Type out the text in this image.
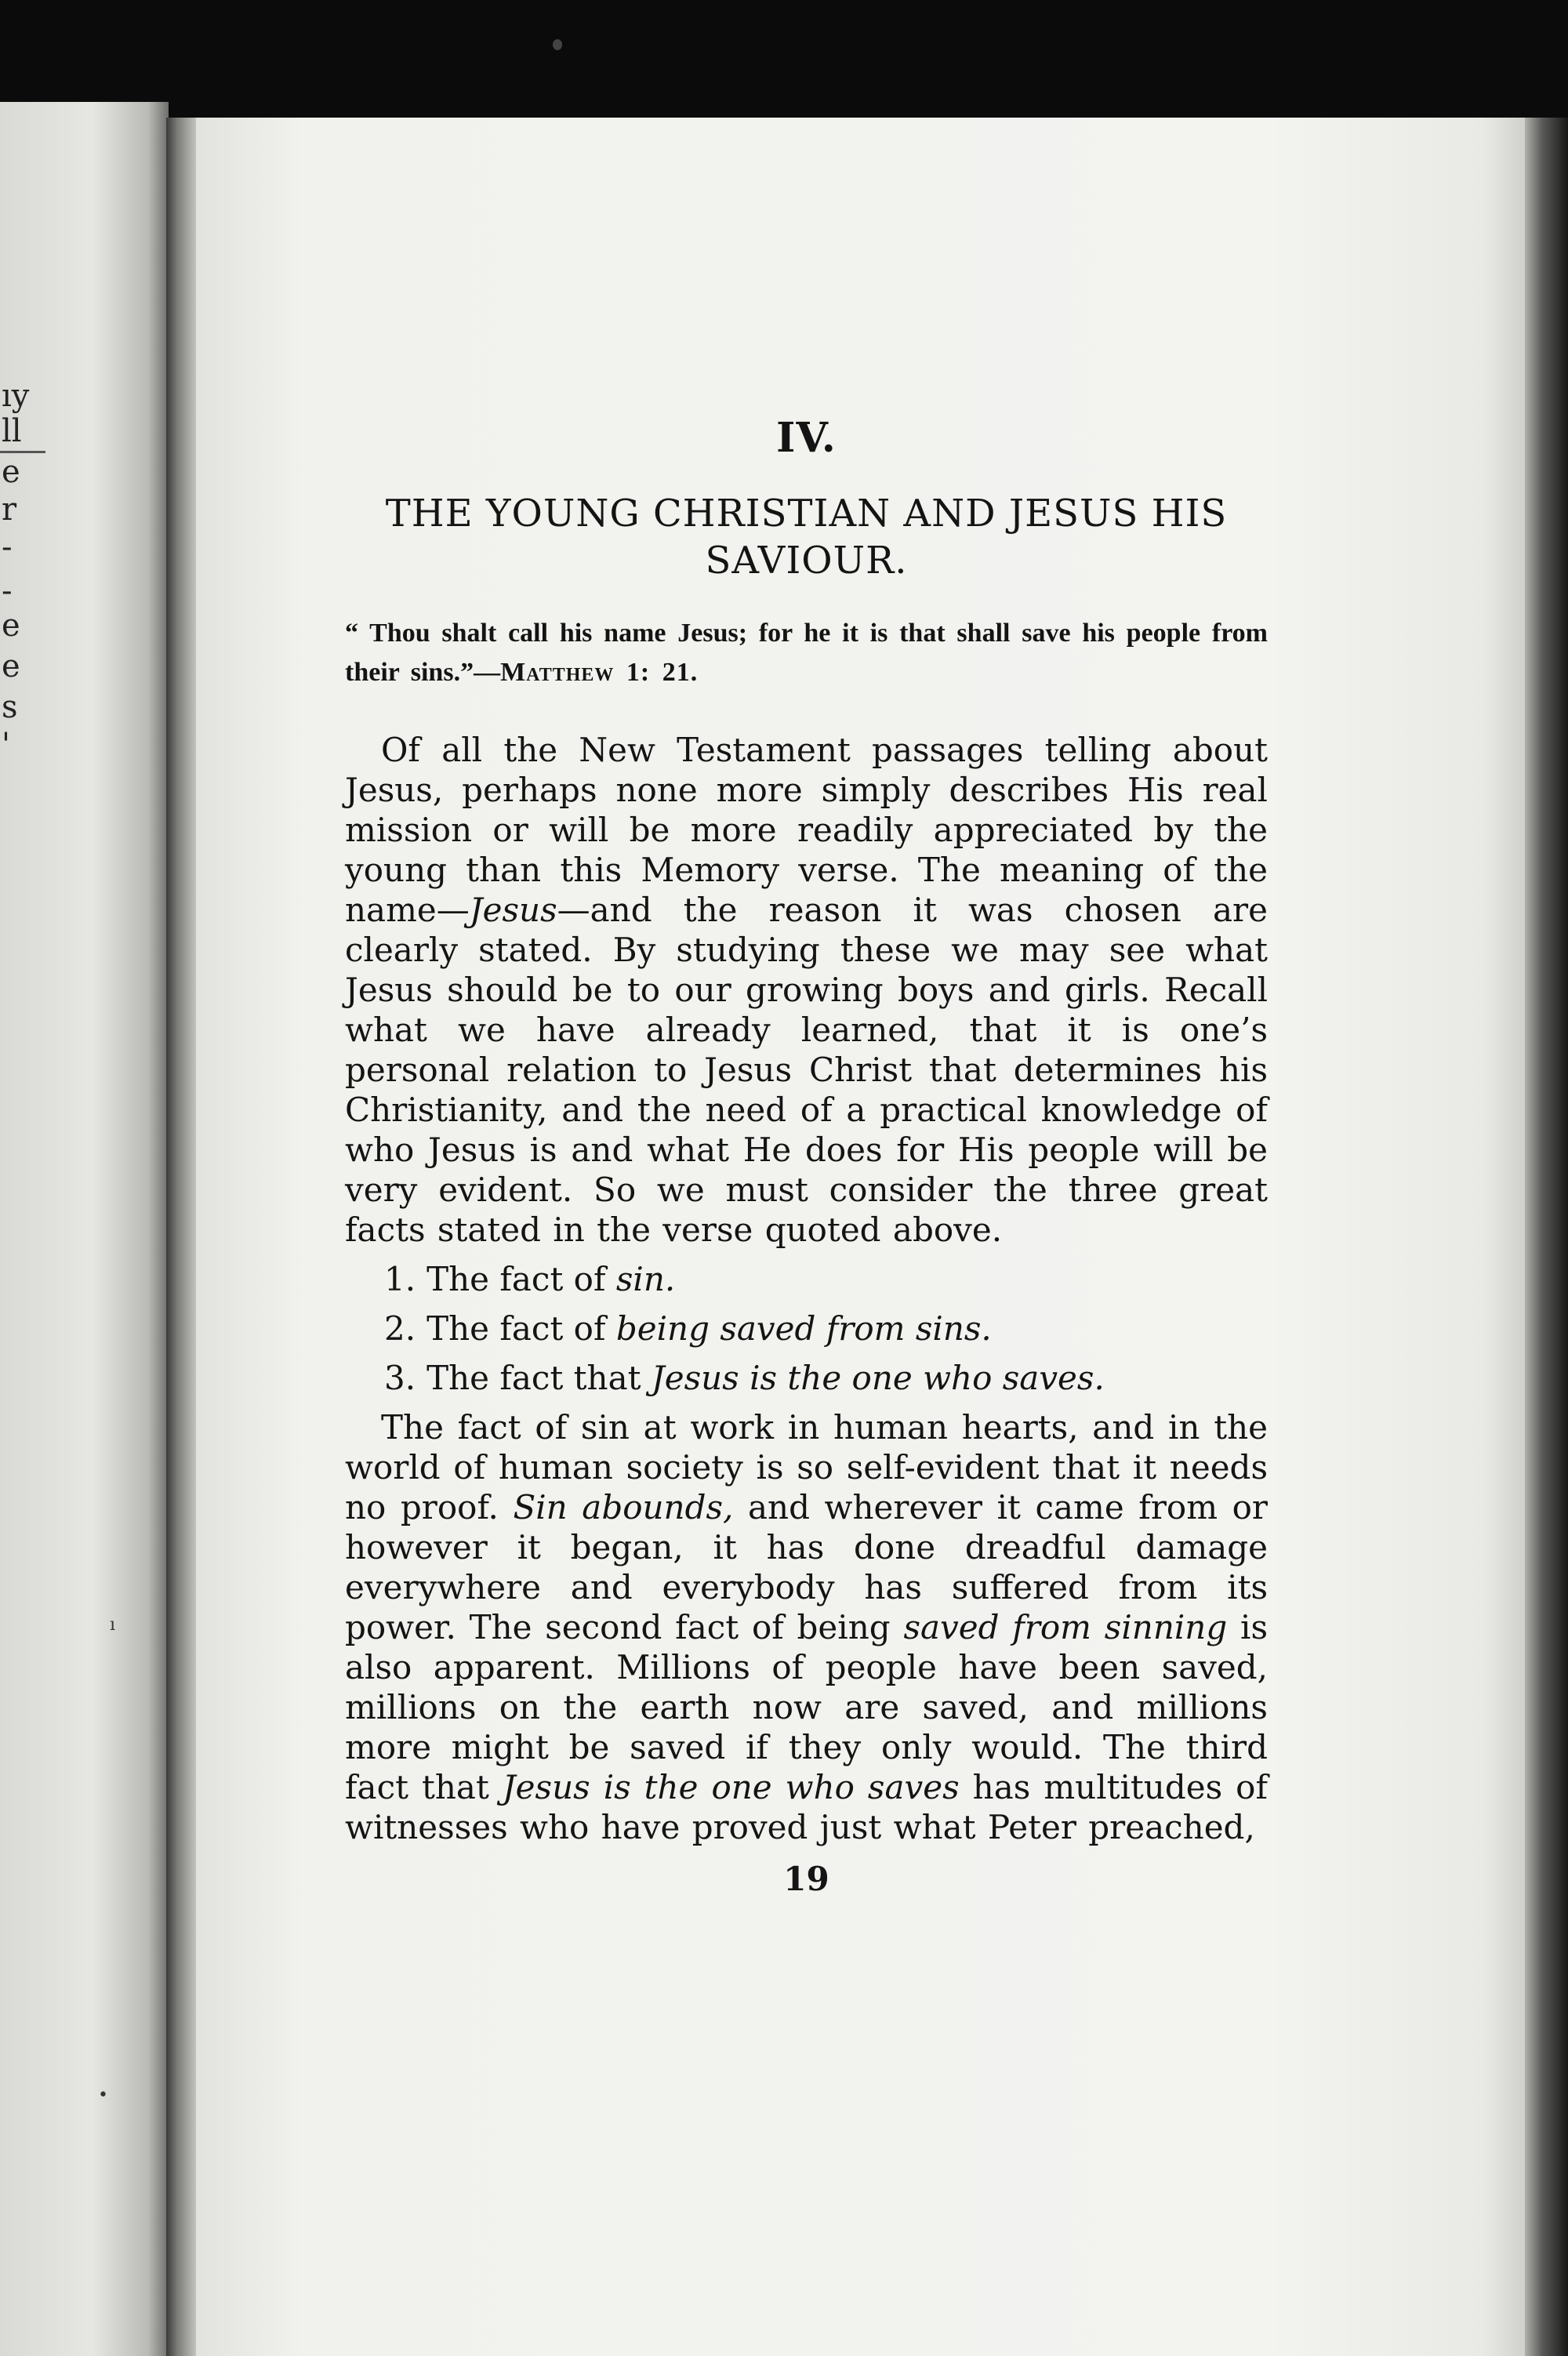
ıy
ll
e
r
-
-
e
e
s
'
ı
•
IV.
THE YOUNG CHRISTIAN AND JESUS HIS
SAVIOUR.

“ Thou shalt call his name Jesus; for he it is that shall save his people from their sins.”—Matthew 1: 21.

Of all the New Testament passages telling about Jesus, perhaps none more simply describes His real mission or will be more readily appreciated by the young than this Memory verse. The meaning of the name—Jesus—and the reason it was chosen are clearly stated. By studying these we may see what Jesus should be to our growing boys and girls. Recall what we have already learned, that it is one’s personal relation to Jesus Christ that determines his Christianity, and the need of a practical knowledge of who Jesus is and what He does for His people will be very evident. So we must consider the three great facts stated in the verse quoted above.

1. The fact of sin.

2. The fact of being saved from sins.

3. The fact that Jesus is the one who saves.

The fact of sin at work in human hearts, and in the world of human society is so self-evident that it needs no proof. Sin abounds, and wherever it came from or however it began, it has done dreadful damage everywhere and everybody has suffered from its power. The second fact of being saved from sinning is also apparent. Millions of people have been saved, millions on the earth now are saved, and millions more might be saved if they only would. The third fact that Jesus is the one who saves has multitudes of witnesses who have proved just what Peter preached,

19
